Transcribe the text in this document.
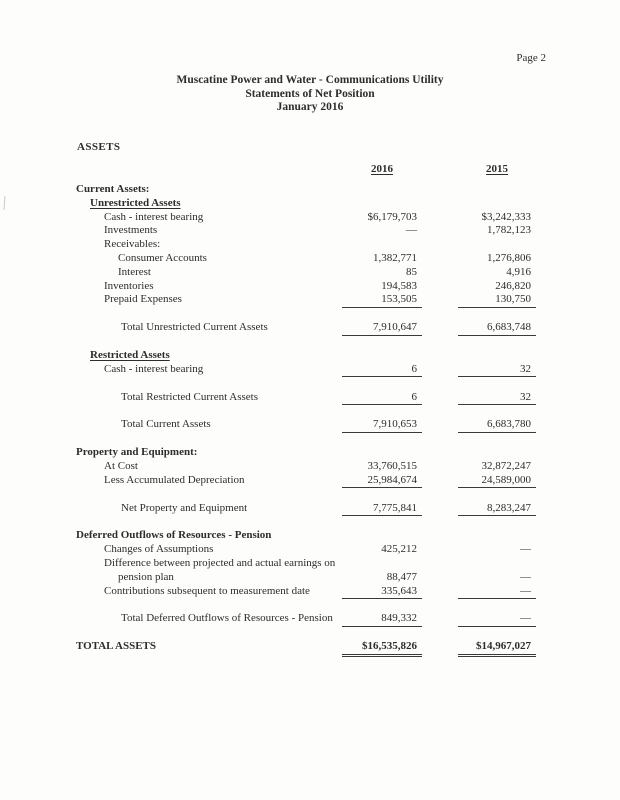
Page 2
Muscatine Power and Water - Communications Utility
Statements of Net Position
January 2016
ASSETS
2016	2015
Current Assets:
Unrestricted Assets
Cash - interest bearing	$6,179,703	$3,242,333
Investments	—	1,782,123
Receivables:
Consumer Accounts	1,382,771	1,276,806
Interest	85	4,916
Inventories	194,583	246,820
Prepaid Expenses	153,505	130,750
Total Unrestricted Current Assets	7,910,647	6,683,748
Restricted Assets
Cash - interest bearing	6	32
Total Restricted Current Assets	6	32
Total Current Assets	7,910,653	6,683,780
Property and Equipment:
At Cost	33,760,515	32,872,247
Less Accumulated Depreciation	25,984,674	24,589,000
Net Property and Equipment	7,775,841	8,283,247
Deferred Outflows of Resources - Pension
Changes of Assumptions	425,212	—
Difference between projected and actual earnings on
pension plan	88,477	—
Contributions subsequent to measurement date	335,643	—
Total Deferred Outflows of Resources - Pension	849,332	—
TOTAL ASSETS	$16,535,826	$14,967,027
